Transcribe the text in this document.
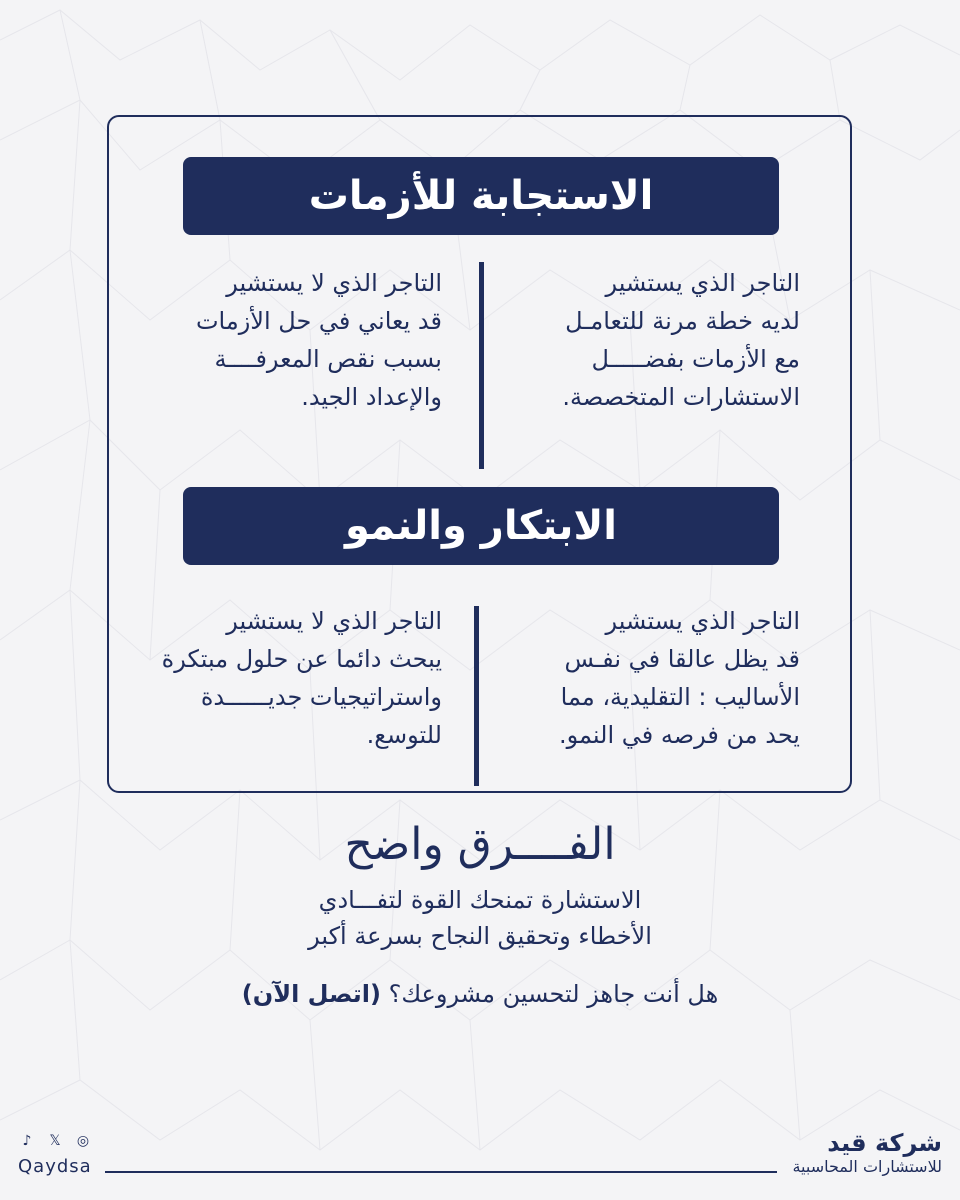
الاستجابة للأزمات
التاجر الذي يستشير
لديه خطة مرنة للتعامـل
مع الأزمات بفضـــــل
الاستشارات المتخصصة.
التاجر الذي لا يستشير
قد يعاني في حل الأزمات
بسبب نقص المعرفــــة
والإعداد الجيد.
الابتكار والنمو
التاجر الذي يستشير
قد يظل عالقا في نفـس
الأساليب : التقليدية، مما
يحد من فرصه في النمو.
التاجر الذي لا يستشير
يبحث دائما عن حلول مبتكرة
واستراتيجيات جديــــــدة
للتوسع.
الفــــرق واضح
الاستشارة تمنحك القوة لتفـــادي
الأخطاء وتحقيق النجاح بسرعة أكبر
هل أنت جاهز لتحسين مشروعك؟ (اتصل الآن)
♪ 𝕏 ◎
Qaydsa
شركة قيد
للاستشارات المحاسبية
